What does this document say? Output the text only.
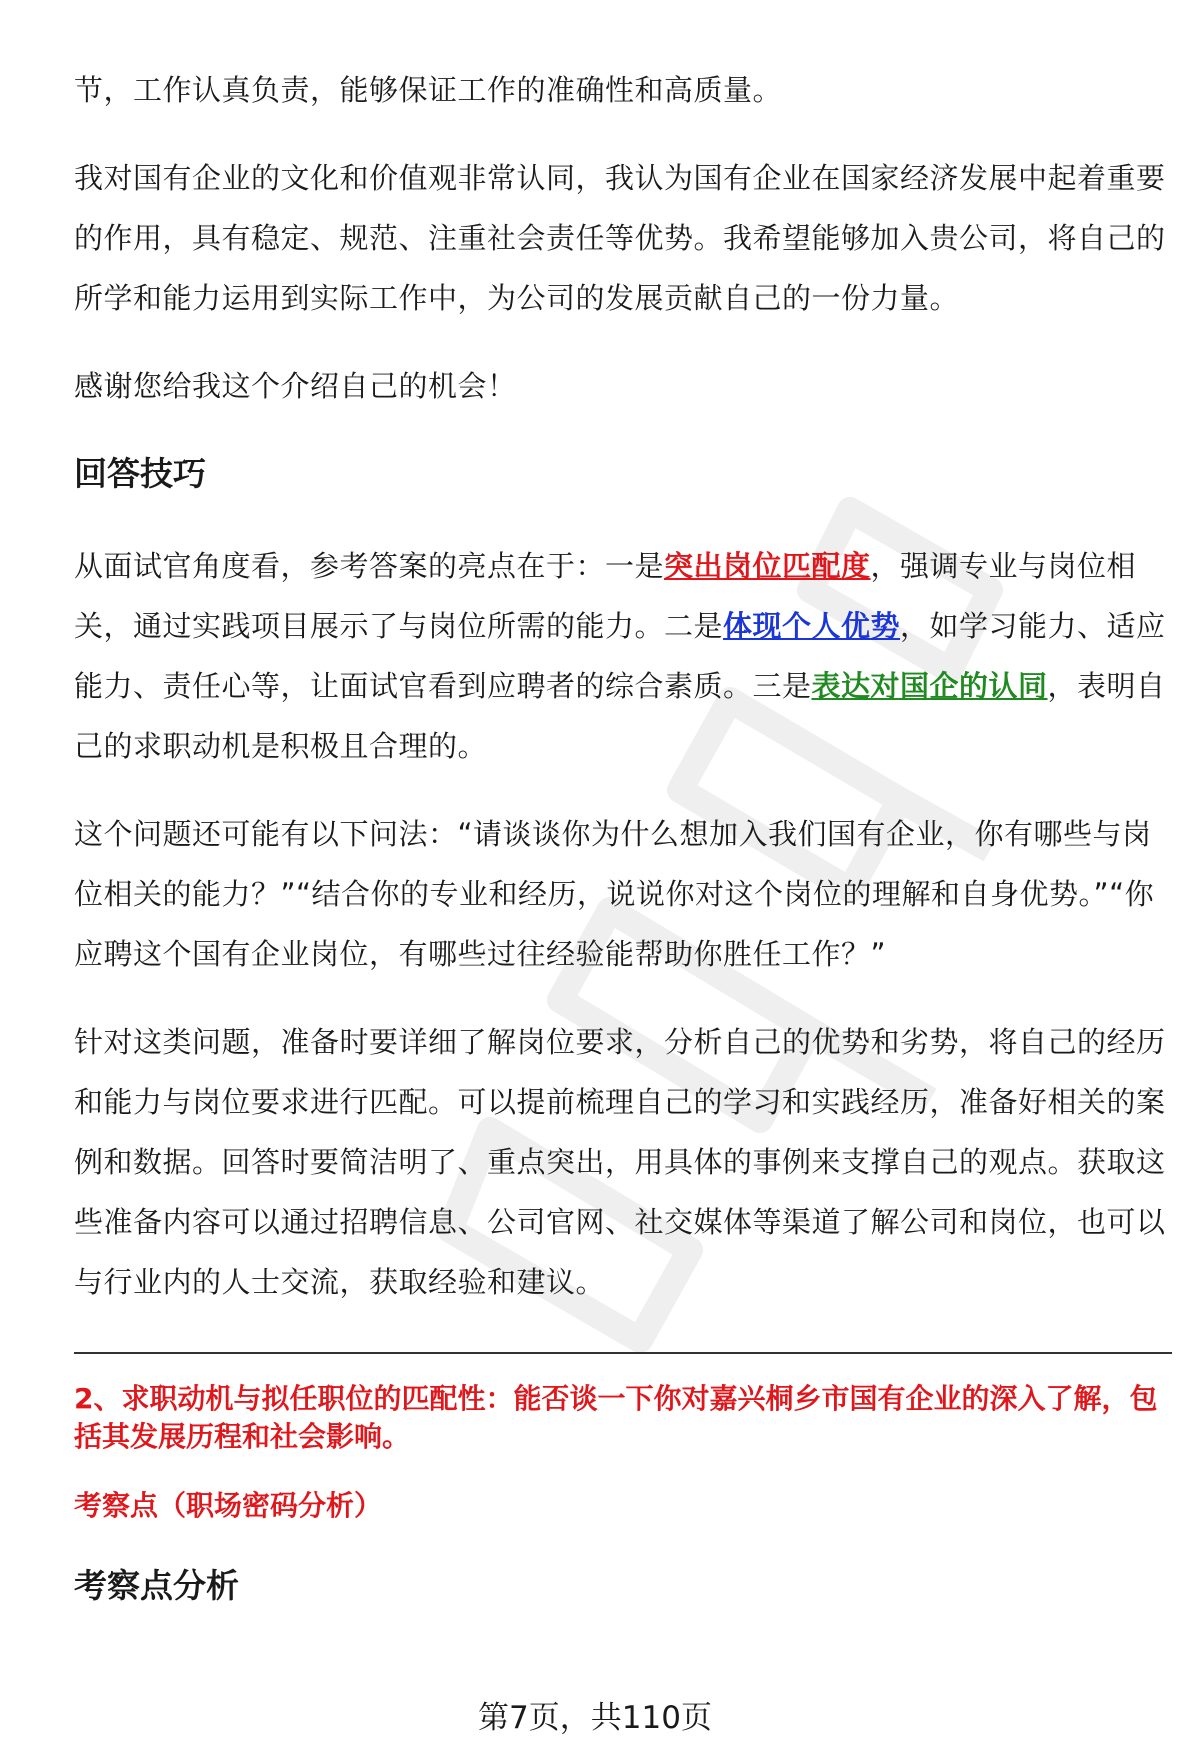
节，工作认真负责，能够保证工作的准确性和高质量。

我对国有企业的文化和价值观非常认同，我认为国有企业在国家经济发展中起着重要的作用，具有稳定、规范、注重社会责任等优势。我希望能够加入贵公司，将自己的所学和能力运用到实际工作中，为公司的发展贡献自己的一份力量。

感谢您给我这个介绍自己的机会！

回答技巧

从面试官角度看，参考答案的亮点在于：一是突出岗位匹配度，强调专业与岗位相关，通过实践项目展示了与岗位所需的能力。二是体现个人优势，如学习能力、适应能力、责任心等，让面试官看到应聘者的综合素质。三是表达对国企的认同，表明自己的求职动机是积极且合理的。

这个问题还可能有以下问法：“请谈谈你为什么想加入我们国有企业，你有哪些与岗位相关的能力？”“结合你的专业和经历，说说你对这个岗位的理解和自身优势。”“你应聘这个国有企业岗位，有哪些过往经验能帮助你胜任工作？”

针对这类问题，准备时要详细了解岗位要求，分析自己的优势和劣势，将自己的经历和能力与岗位要求进行匹配。可以提前梳理自己的学习和实践经历，准备好相关的案例和数据。回答时要简洁明了、重点突出，用具体的事例来支撑自己的观点。获取这些准备内容可以通过招聘信息、公司官网、社交媒体等渠道了解公司和岗位，也可以与行业内的人士交流，获取经验和建议。

2、求职动机与拟任职位的匹配性：能否谈一下你对嘉兴桐乡市国有企业的深入了解，包括其发展历程和社会影响。
考察点（职场密码分析）
考察点分析
第7页，共110页
